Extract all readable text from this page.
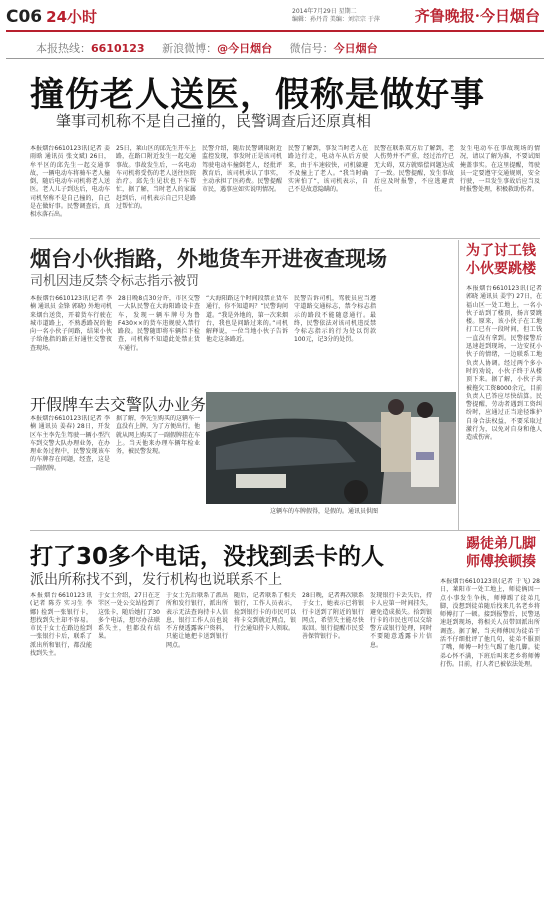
C06 24小时	2014年7月29日 星期二
编辑：孙丹青 美编：刘宗宗 于萍	齐鲁晚报·今日烟台
本报热线：6610123 新浪微博：@今日烟台 微信号：今日烟台
撞伤老人送医，假称是做好事
肇事司机称不是自己撞的，民警调查后还原真相
本报烟台6610123讯(记者 姜雨晗 通讯员 张文斌) 26日，牟平区的邱先生一起交通事故，一辆电动车将骑车老人撞倒，随后电动车司机将老人送医。老人儿子到达后，电动车司机坚称不是自己撞的，自己是在做好事。民警调查后，真相水落石出。
25日，莱山区的邱先生开车上路，在路口附近发生一起交通事故。事故发生后，一名电动车司机将受伤的老人送往医院治疗。邱先生见状也下车帮忙，据了解，当时老人的家属赶到后，司机表示自己只是路过帮忙的。
民警介绍，随后民警调取附近监控发现，事发时正是该司机驾驶电动车撞倒老人，经批评教育后，该司机承认了事实，主动承担了医药费。民警提醒市民，遇事应如实说明情况。
民警了解到，事发当时老人在路边行走，电动车从后方驶来，由于车速较快，司机躲避不及撞上了老人。“我当时确实害怕了”，该司机表示，自己不是故意隐瞒的。
民警在联系双方后了解到，老人伤势并不严重，经过治疗已无大碍，双方就赔偿问题达成了一致。民警提醒，发生事故后应及时报警，不应逃避责任。
发生电动车在事故现场的情况，请以了解为准，不要试图掩盖事实。在这里提醒，驾驶员一定要遵守交通规则，安全行驶，一旦发生事故后应当及时报警处理，积极救助伤者。
烟台小伙指路，外地货车开进夜查现场
司机因违反禁令标志指示被罚
本报烟台6610123讯(记者 李楠 通讯员 金锋 郭晓) 外地司机来烟台送货，开着货车行驶在城市道路上，不熟悉路况的他向一名小伙子问路，结果小伙子给他指的路正好通往交警夜查现场。
28日晚8点30分许，市区交警一大队民警在大海阳路设卡查车，发现一辆车牌号为鲁F430××的货车违规驶入禁行路段。民警随即将车辆拦下检查，司机称不知道此处禁止货车通行。
“大海阳路这个时间段禁止货车通行，你不知道吗？”民警询问道。“我是外地的，第一次来烟台，我也是问路过来的。”司机解释说，一位当地小伙子告诉他走这条路近。
民警告诉司机，驾驶员应当遵守道路交通标志，禁令标志指示的路段不能随意通行。最终，民警依法对该司机违反禁令标志指示的行为处以罚款100元，记3分的处罚。
为了讨工钱
小伙要跳楼
本报烟台6610123讯(记者 郭晓 通讯员 姜宇) 27日，在福山区一处工地上，一名小伙子站到了楼顶，扬言要跳楼。原来，该小伙子在工地打工已有一段时间，但工钱一直没有拿到。民警接警后迅速赶到现场，一边安抚小伙子的情绪，一边联系工地负责人协调。经过两个多小时的劝说，小伙子终于从楼顶下来。据了解，小伙子共被拖欠工资8000余元，目前负责人已答应尽快结算。民警提醒，劳动者遇到工资纠纷时，应通过正当途径维护自身合法权益，不要采取过激行为，以免对自身和他人造成伤害。
开假牌车去交警队办业务
本报烟台6610123讯(记者 李楠 通讯员 姜春) 28日，开发区车主李先生驾驶一辆小型汽车到交警大队办理业务，在办理业务过程中，民警发现该车的车牌存在问题，经查，这是一副假牌。
据了解，李先生购买的这辆车一直没有上牌，为了方便出行，他就从网上购买了一副假牌挂在车上。当天他来办理车辆年检业务，被民警发现。
这辆车的车牌假得，是假的。通讯员供图
打了30多个电话，没找到丢卡的人
派出所称找不到，发行机构也说联系不上
本报烟台6610123讯(记者 陈芬 实习生 李娜) 捡到一张银行卡，想找到失主却不容易。市民于女士在路边捡到一张银行卡后，联系了派出所和银行，都没能找到失主。
于女士介绍，27日在芝罘区一处公交站捡到了这张卡，随后她打了30多个电话，想尽办法联系失主，但都没有结果。
于女士先后联系了派出所和发行银行，派出所表示无法查询持卡人信息，银行工作人员也说不方便透露客户资料，只能让她把卡送到银行网点。
随后，记者联系了相关银行，工作人员表示，捡到银行卡的市民可以将卡交到就近网点，银行会通知持卡人领取。
28日晚，记者再次联系于女士，她表示已将银行卡送到了附近的银行网点，希望失主能尽快取回。银行提醒市民妥善保管银行卡。
发现银行卡丢失后，持卡人应第一时间挂失，避免造成损失。拾到银行卡的市民也可以交给警方或银行处理，同时不要随意透露卡片信息。
踢徒弟几脚
师傅挨顿揍
本报烟台6610123讯(记者 于飞) 28日，莱阳市一处工地上，师徒俩因一点小事发生争执，师傅踢了徒弟几脚，没想到徒弟随后找来几名老乡将师傅打了一顿。接到报警后，民警迅速赶到现场，将相关人员带回派出所调查。据了解，当天师傅因为徒弟干活不仔细批评了他几句，徒弟不服顶了嘴，师傅一时生气踢了他几脚。徒弟心怀不满，下班后叫来老乡将师傅打伤。目前，打人者已被依法处理。
